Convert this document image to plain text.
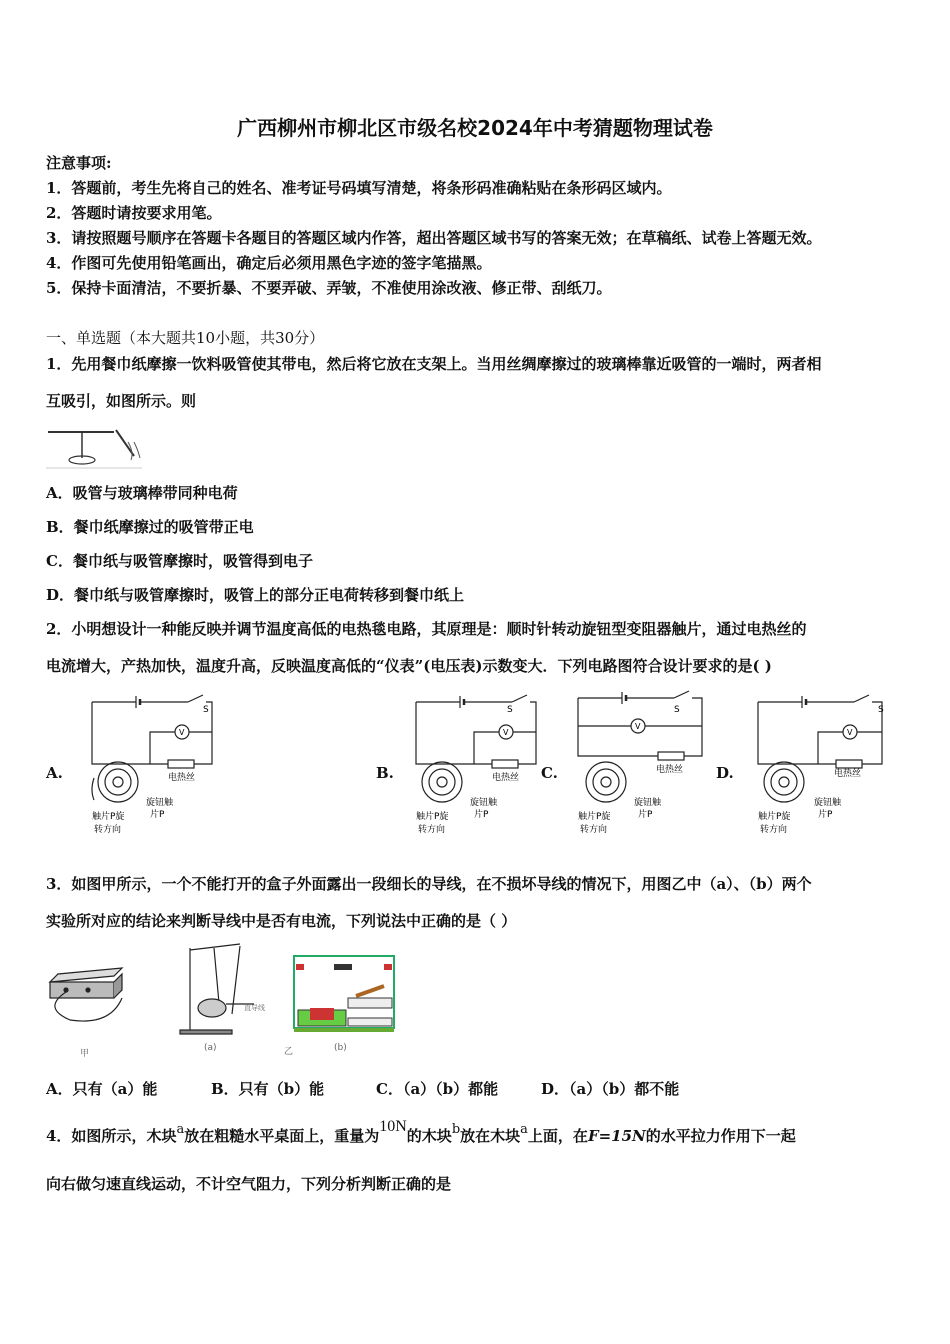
广西柳州市柳北区市级名校2024年中考猜题物理试卷
注意事项:
1．答题前，考生先将自己的姓名、准考证号码填写清楚，将条形码准确粘贴在条形码区域内。
2．答题时请按要求用笔。
3．请按照题号顺序在答题卡各题目的答题区域内作答，超出答题区域书写的答案无效；在草稿纸、试卷上答题无效。
4．作图可先使用铅笔画出，确定后必须用黑色字迹的签字笔描黑。
5．保持卡面清洁，不要折暴、不要弄破、弄皱，不准使用涂改液、修正带、刮纸刀。
一、单选题（本大题共10小题，共30分）
1．先用餐巾纸摩擦一饮料吸管使其带电，然后将它放在支架上。当用丝绸摩擦过的玻璃棒靠近吸管的一端时，两者相
互吸引，如图所示。则
A．吸管与玻璃棒带同种电荷
B．餐巾纸摩擦过的吸管带正电
C．餐巾纸与吸管摩擦时，吸管得到电子
D．餐巾纸与吸管摩擦时，吸管上的部分正电荷转移到餐巾纸上
2．小明想设计一种能反映并调节温度高低的电热毯电路，其原理是：顺时针转动旋钮型变阻器触片，通过电热丝的
电流增大，产热加快，温度升高，反映温度高低的“仪表”(电压表)示数变大．下列电路图符合设计要求的是( )
A.	B.	C.	D.
S
V
电热丝
旋钮触
片P
触片P旋
转方向
S
V
电热丝
旋钮触
片P
触片P旋
转方向
S
V
电热丝
旋钮触
片P
触片P旋
转方向
S
V
电热丝
旋钮触
片P
触片P旋
转方向
3．如图甲所示，一个不能打开的盒子外面露出一段细长的导线，在不损坏导线的情况下，用图乙中（a）、（b）两个
实验所对应的结论来判断导线中是否有电流，下列说法中正确的是（ ）
甲
(a)
直导线
乙	(b)
A．只有（a）能	B．只有（b）能	C．（a）（b）都能	D．（a）（b）都不能
4．如图所示，木块a放在粗糙水平桌面上，重量为10N的木块b放在木块a上面，在F=15N的水平拉力作用下一起
向右做匀速直线运动，不计空气阻力，下列分析判断正确的是
